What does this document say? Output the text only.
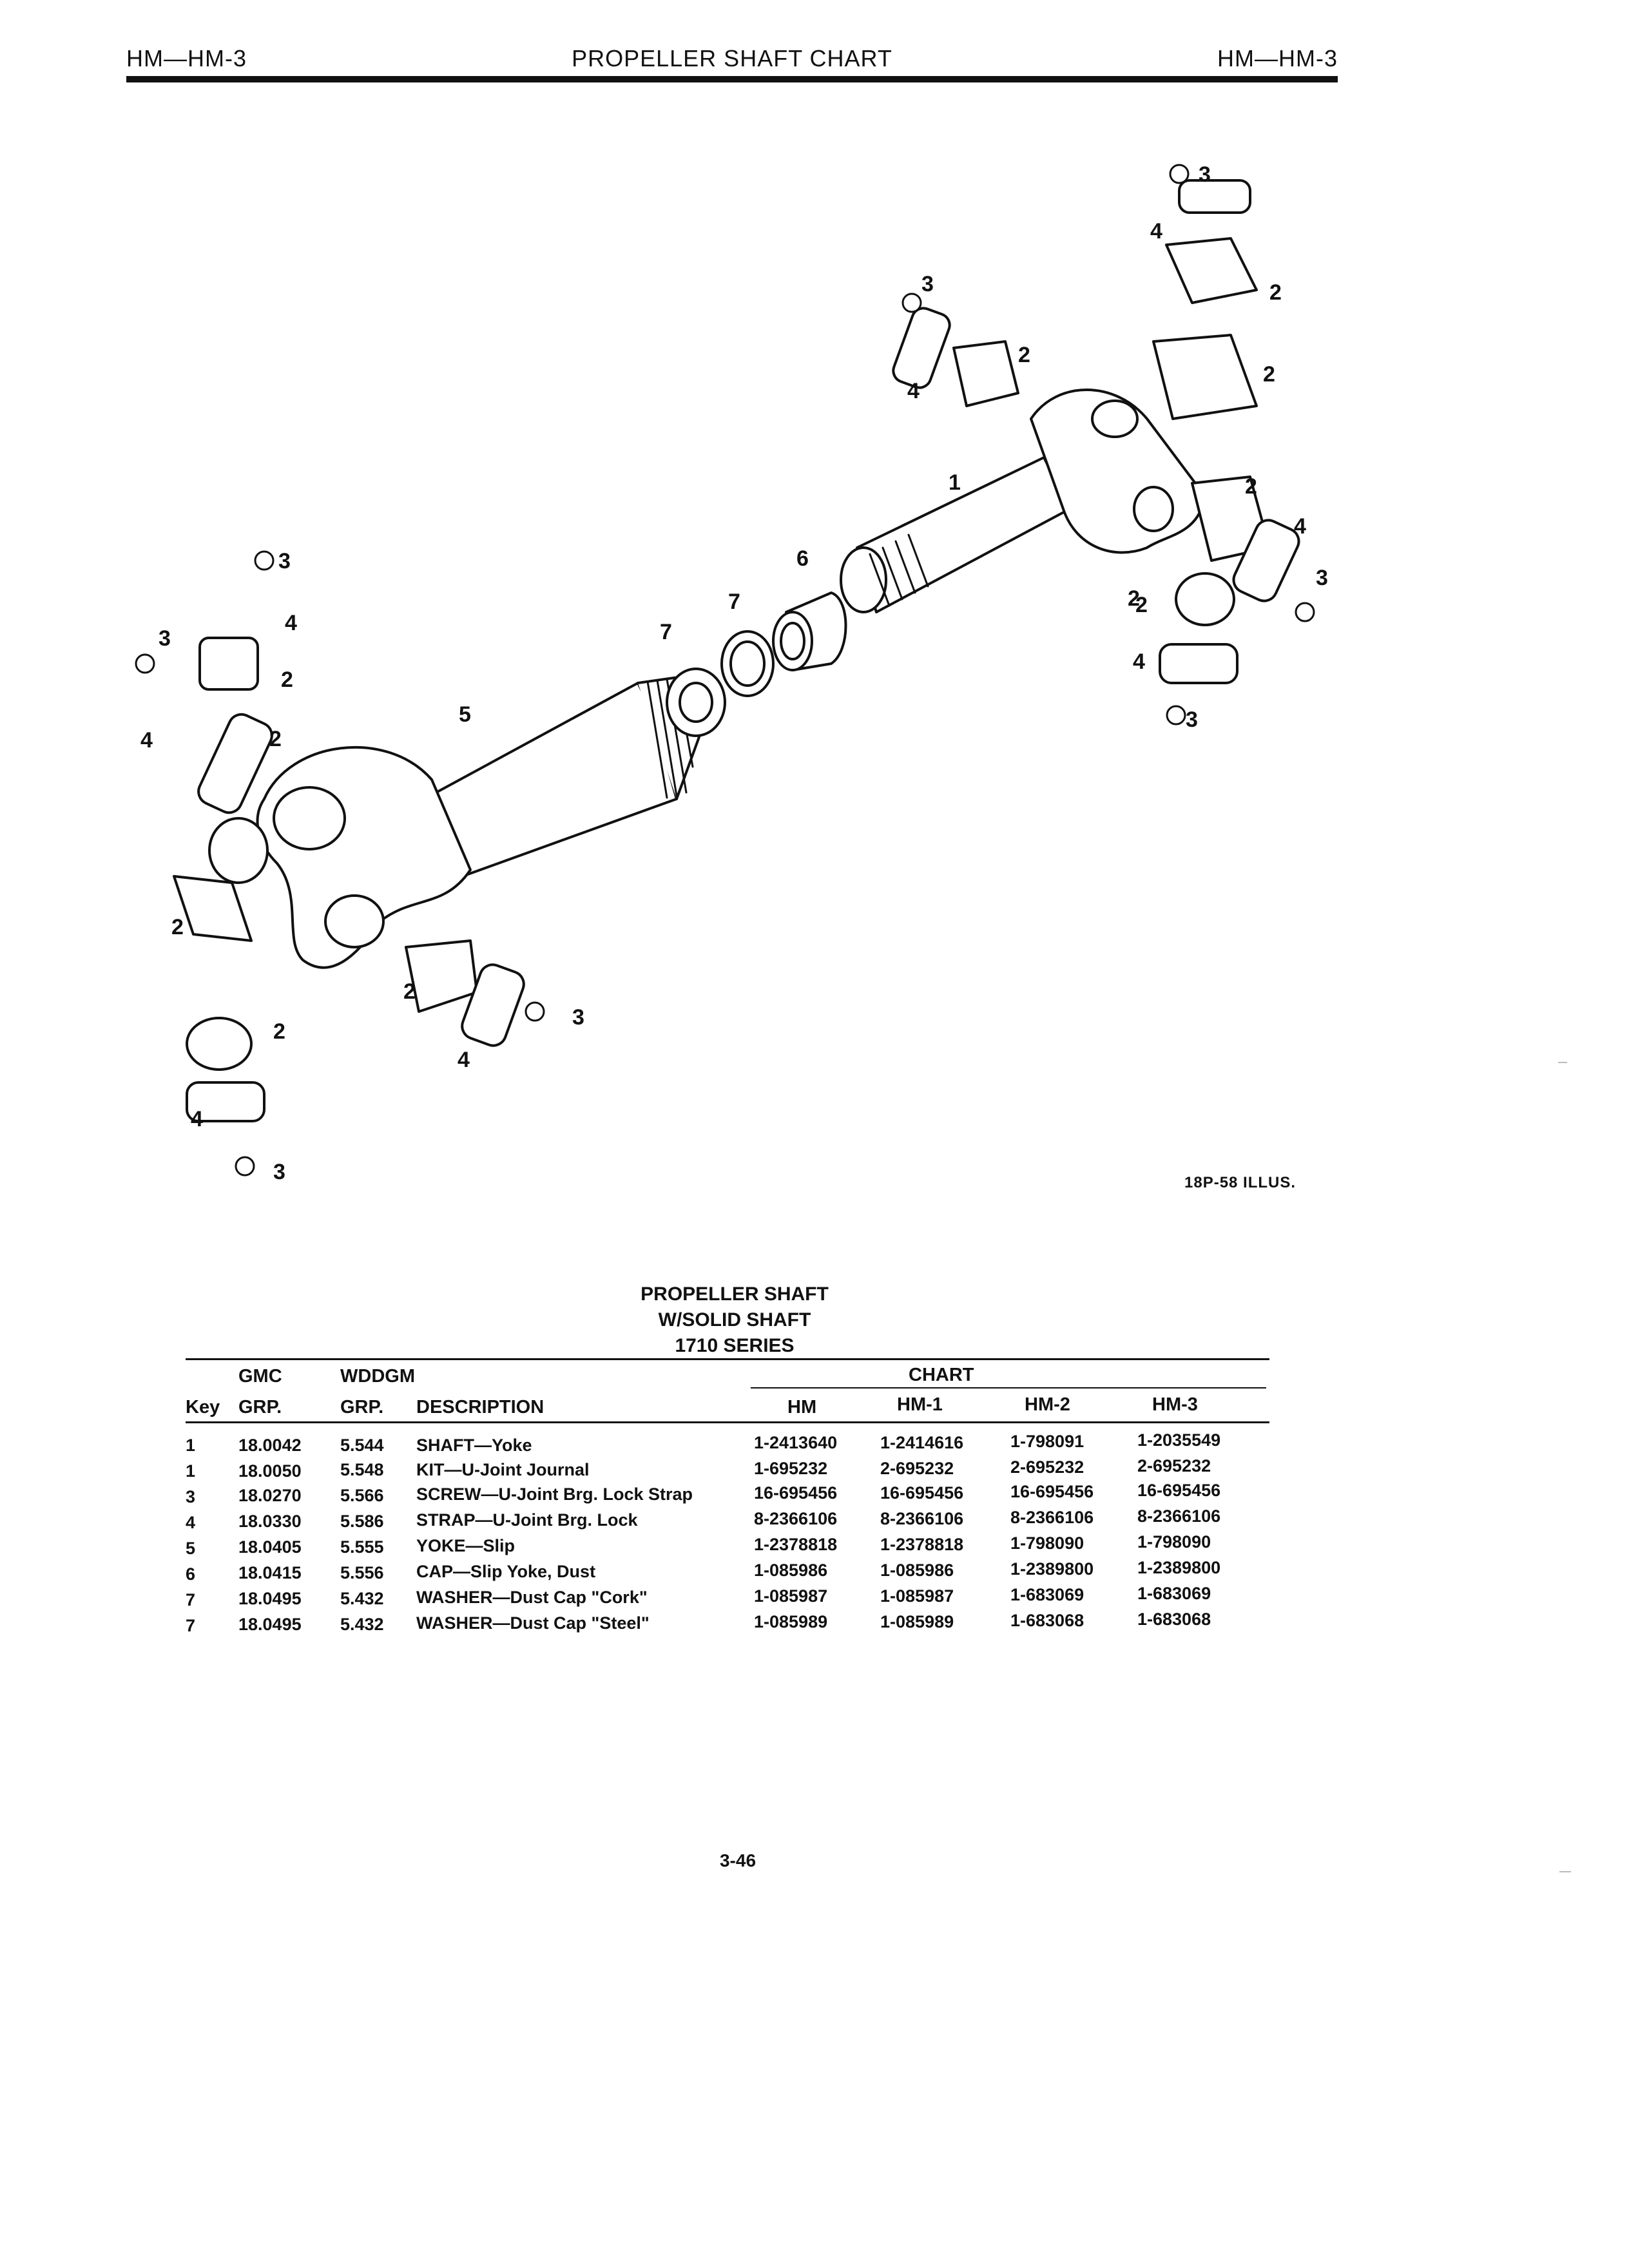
HM—HM-3	PROPELLER SHAFT CHART	HM—HM-3
3
4
2
2
3
4
2
2
2
4
3
2
4
3
1
6
7
7
5
3
4
2
3
4	2
2
2
2
4
3
4
3	18P-58 ILLUS.
PROPELLER SHAFT
W/SOLID SHAFT
1710 SERIES
GMC	WDDGM	CHART
Key GRP.	GRP. DESCRIPTION	HM	HM-1	HM-2	HM-3
1 18.0042 5.544 SHAFT—Yoke	1-2413640 1-2414616	1-798091	1-2035549
1 18.0050 5.548 KIT—U-Joint Journal	1-695232	2-695232	2-695232	2-695232
3 18.0270 5.566 SCREW—U-Joint Brg. Lock Strap	16-695456 16-695456	16-695456	16-695456
4 18.0330 5.586 STRAP—U-Joint Brg. Lock	8-2366106 8-2366106	8-2366106	8-2366106
5 18.0405 5.555 YOKE—Slip	1-2378818 1-2378818	1-798090	1-798090
6 18.0415 5.556 CAP—Slip Yoke, Dust	1-085986	1-085986	1-2389800	1-2389800
7 18.0495 5.432 WASHER—Dust Cap "Cork"	1-085987	1-085987	1-683069	1-683069
7 18.0495 5.432 WASHER—Dust Cap "Steel"	1-085989	1-085989	1-683068	1-683068
3-46
